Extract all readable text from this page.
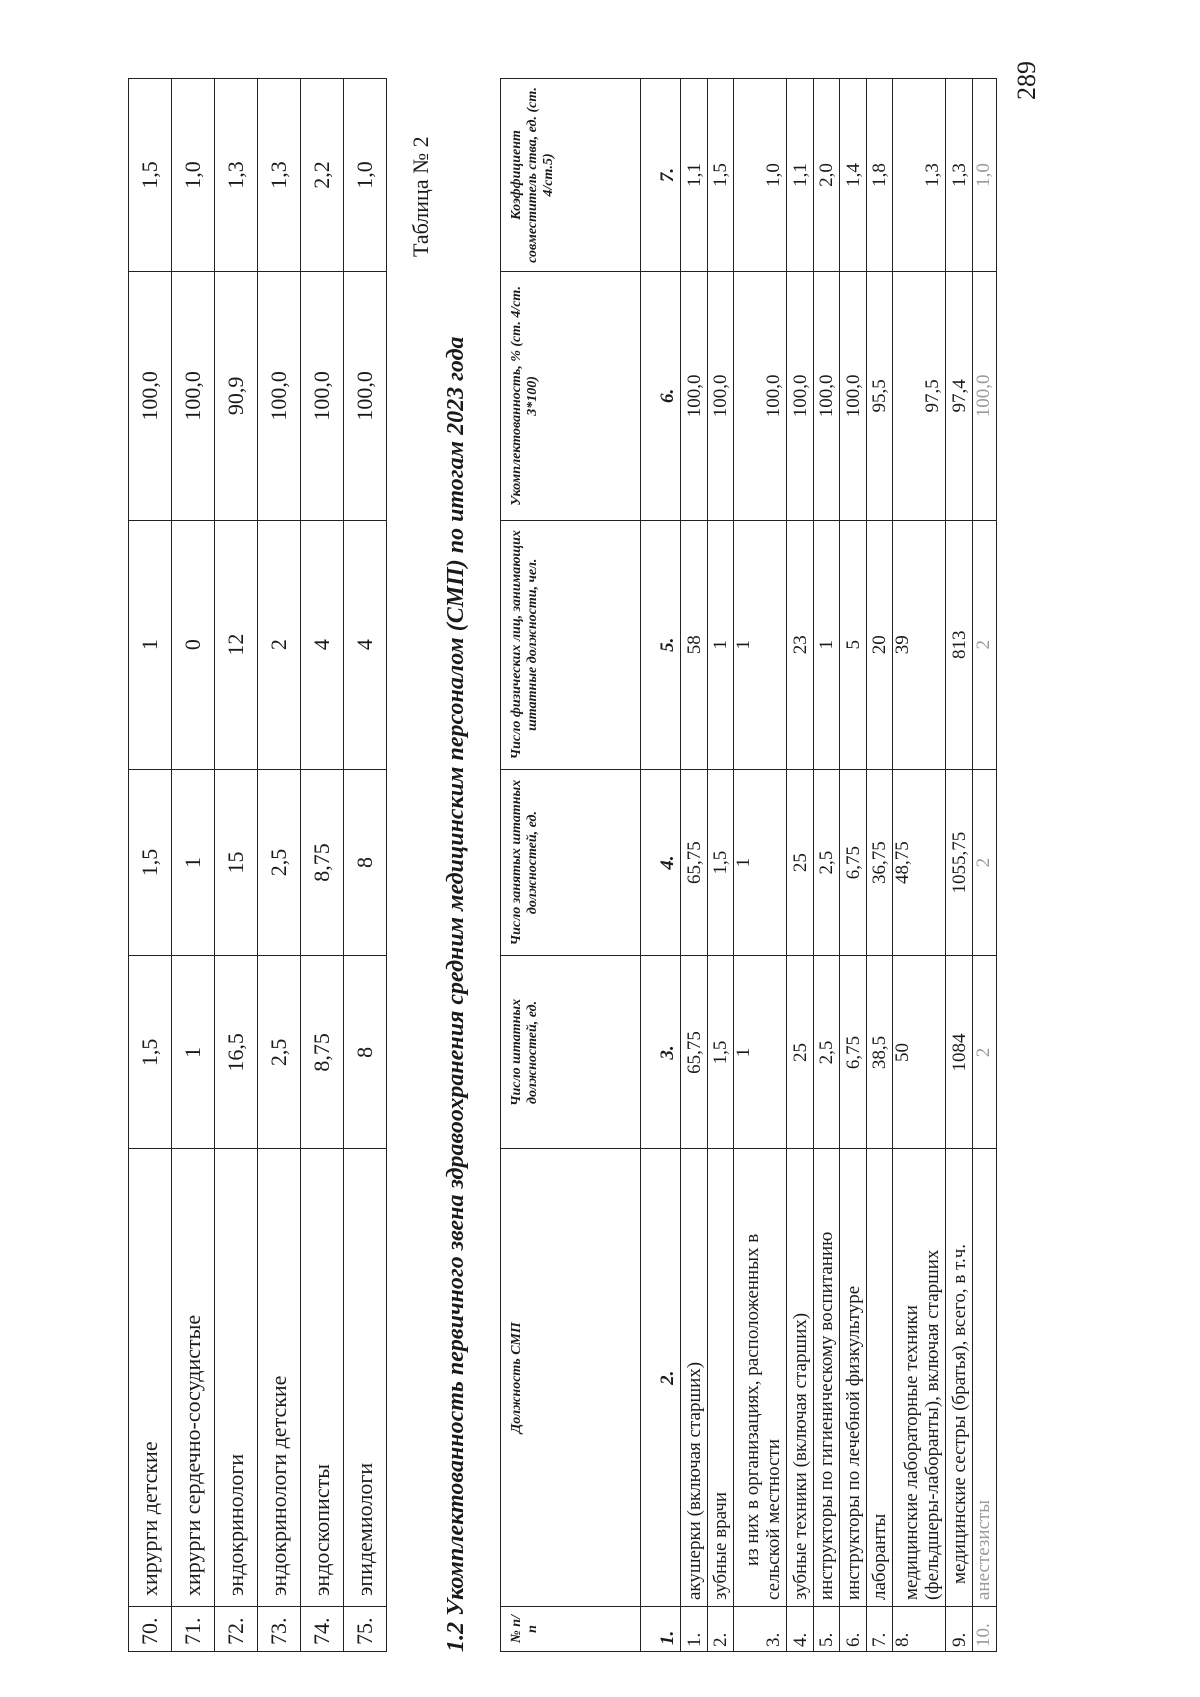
70.	хирурги детские	1,5	1,5	1	100,0	1,5
71.	хирурги сердечно-сосудистые	1	1	0	100,0	1,0
72.	эндокринологи	16,5	15	12	90,9	1,3
73.	эндокринологи детские	2,5	2,5	2	100,0	1,3
74.	эндоскописты	8,75	8,75	4	100,0	2,2
75.	эпидемиологи	8	8	4	100,0	1,0 Таблица № 2
1.2 Укомплектованность первичного звена здравоохранения средним медицинским персоналом (СМП) по итогам 2023 года	№ п/п	Должность СМП	Число штатных должностей, ед.	Число занятых штатных должностей, ед.	Число физических лиц, занимающих штатные должности, чел.	Укомплектованность, % (ст. 4/ст. 3*100)	Коэффициент совместитель ства, ед. (ст. 4/ст.5)
1.	2.	3.	4.	5.	6.	7.
1.	акушерки (включая старших)	65,75	65,75	58	100,0	1,1
2.	зубные врачи	1,5	1,5	1	100,0	1,5
3.	из них в организациях, расположенных в сельской местности	1	1	1	100,0	1,0
4.	зубные техники (включая старших)	25	25	23	100,0	1,1
5.	инструкторы по гигиеническому воспитанию	2,5	2,5	1	100,0	2,0
6.	инструкторы по лечебной физкультуре	6,75	6,75	5	100,0	1,4
7.	лаборанты	38,5	36,75	20	95,5	1,8
8.	медицинские лабораторные техники (фельдшеры-лаборанты), включая старших	50	48,75	39	97,5	1,3
9.	медицинские сестры (братья), всего, в т.ч.	1084	1055,75	813	97,4	1,3
10.	анестезисты	2	2	2	100,0	1,0
289
